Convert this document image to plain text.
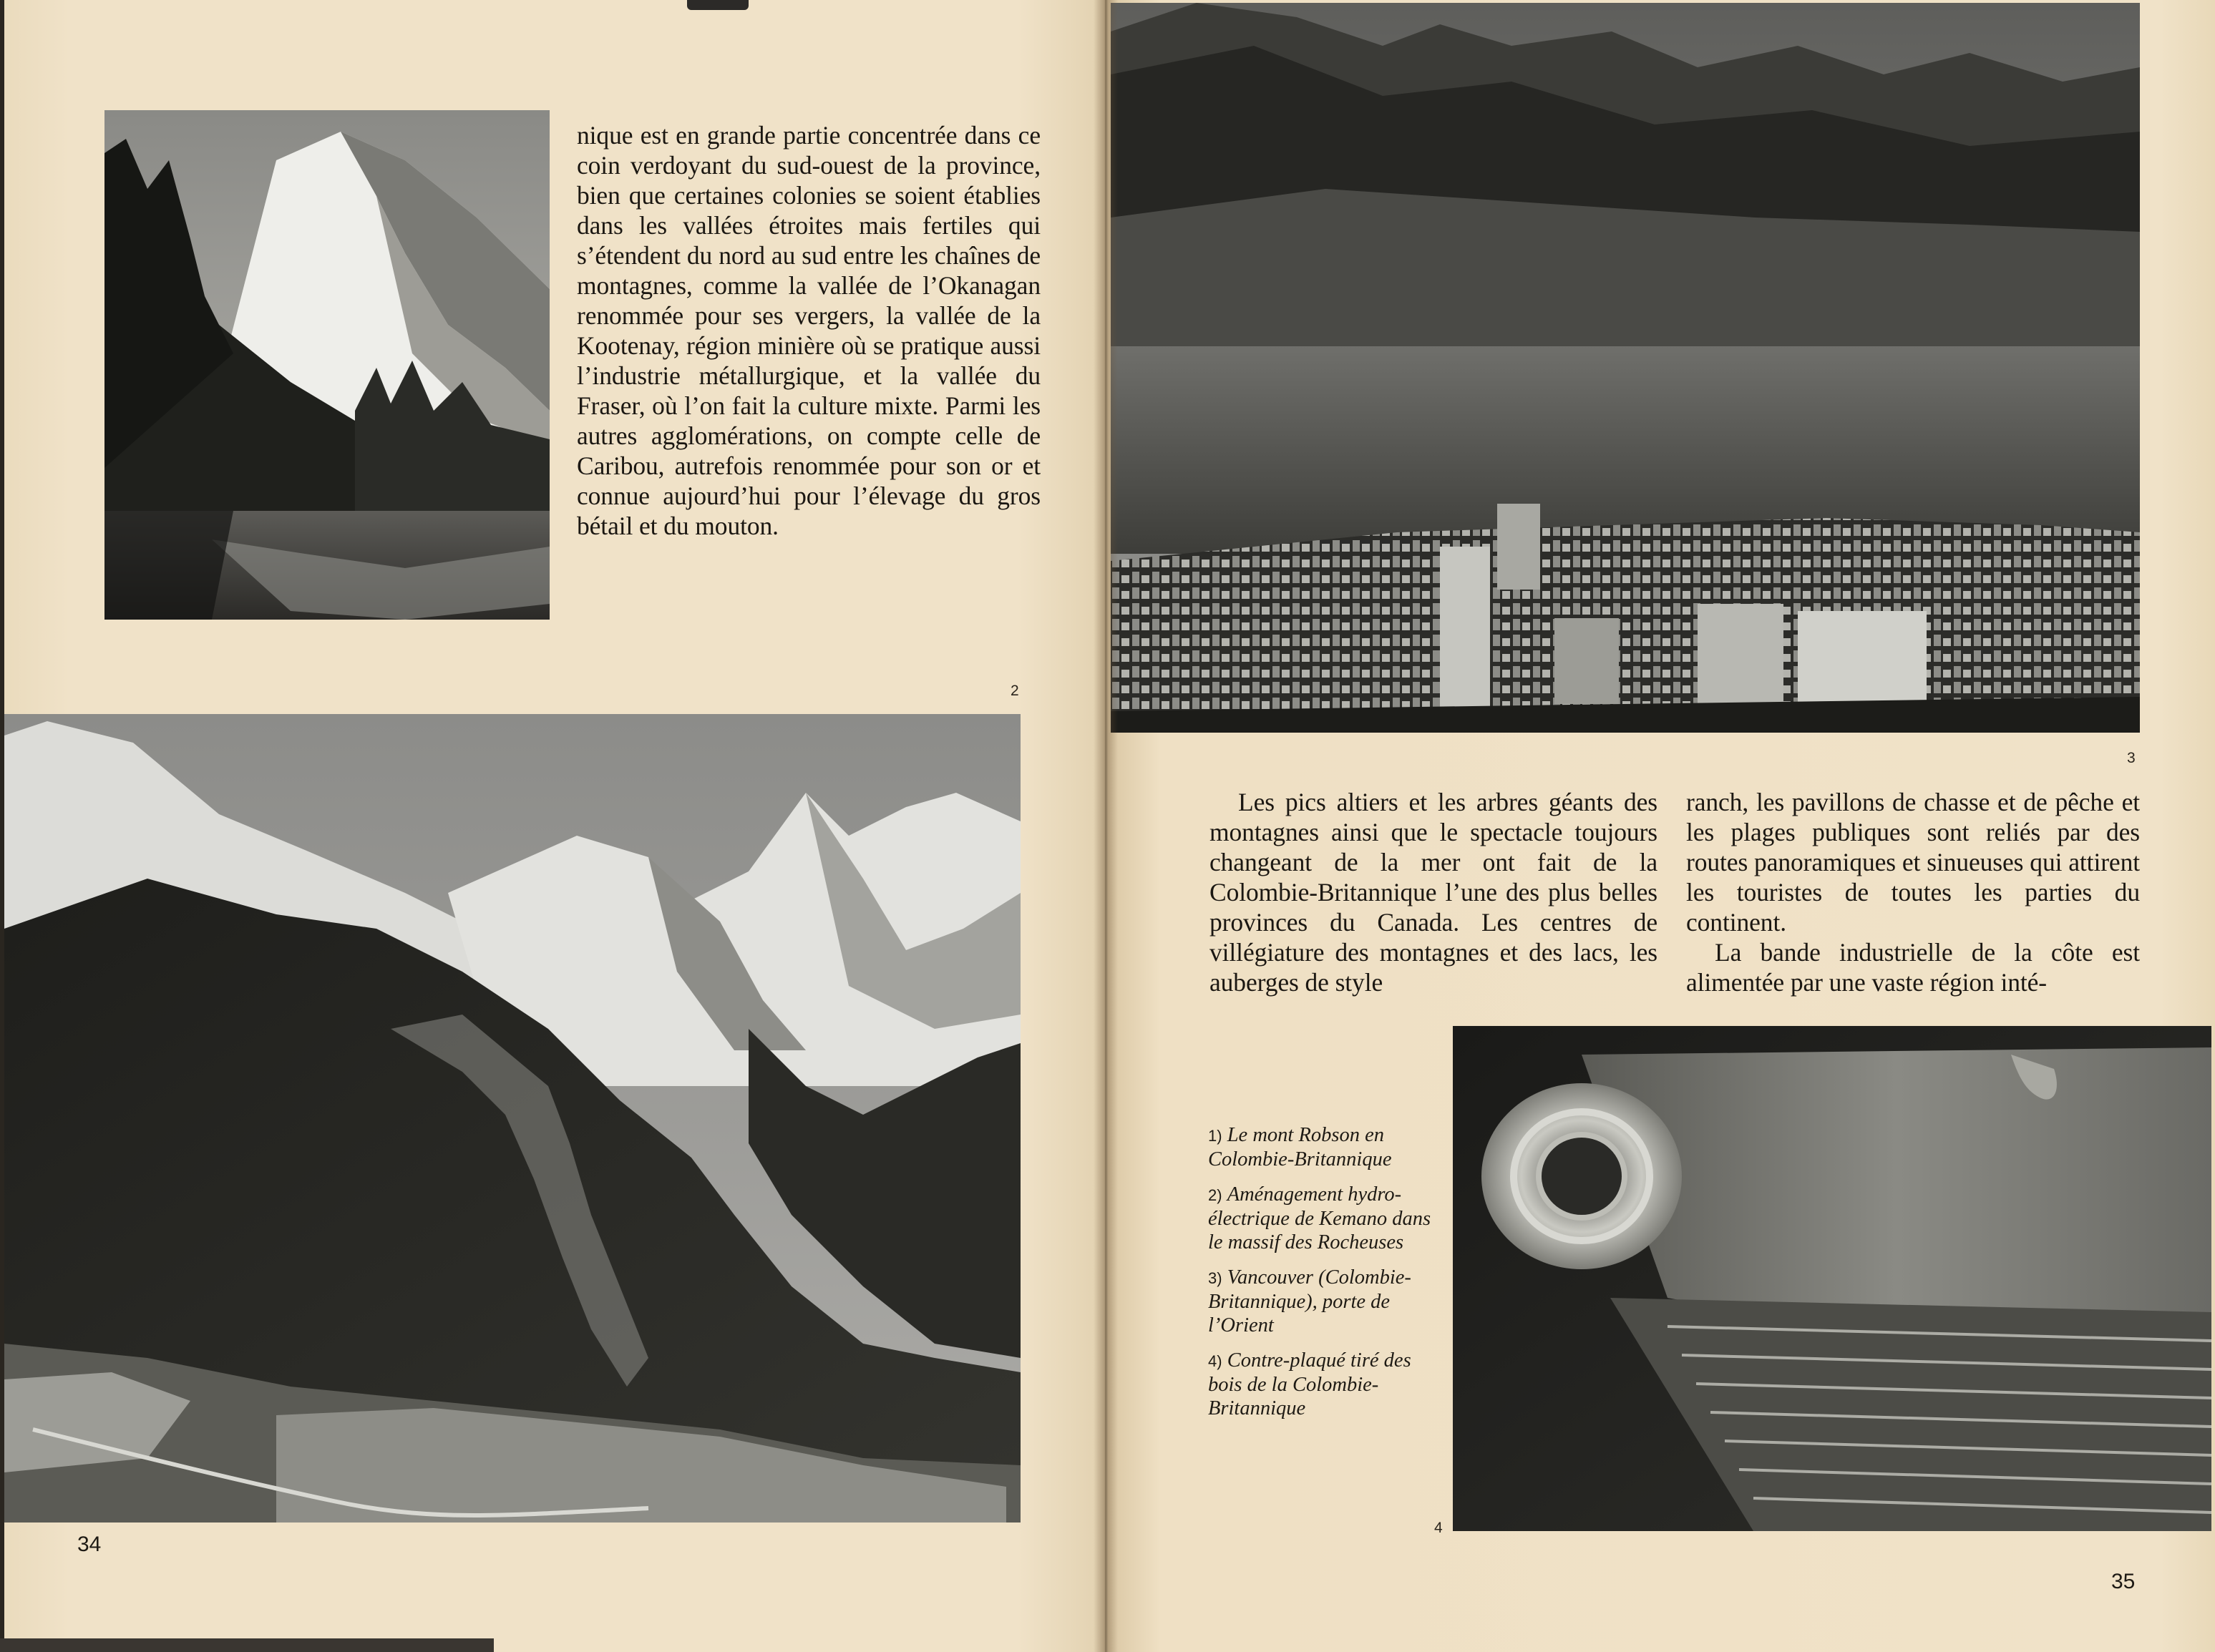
nique est en grande partie concentrée dans ce coin verdoyant du sud-ouest de la province, bien que certaines colonies se soient établies dans les vallées étroites mais fertiles qui s’étendent du nord au sud entre les chaînes de montagnes, comme la vallée de l’Okanagan renommée pour ses vergers, la vallée de la Kootenay, région minière où se pratique aussi l’industrie métallurgique, et la vallée du Fraser, où l’on fait la culture mixte. Parmi les autres agglomérations, on compte celle de Caribou, autrefois renommée pour son or et connue aujourd’hui pour l’élevage du gros bétail et du mouton.

2
34
3

Les pics altiers et les arbres géants des montagnes ainsi que le spectacle toujours changeant de la mer ont fait de la Colombie-Britannique l’une des plus belles provinces du Canada. Les centres de villégiature des montagnes et des lacs, les auberges de style

ranch, les pavillons de chasse et de pêche et les plages publiques sont reliés par des routes panoramiques et sinueuses qui attirent les touristes de toutes les parties du continent.

La bande industrielle de la côte est alimentée par une vaste région inté-

4
35
1) Le mont Robson en Colombie-Britannique
2) Aménagement hydro-électrique de Kemano dans le massif des Rocheuses
3) Vancouver (Colombie-Britannique), porte de l’Orient
4) Contre-plaqué tiré des bois de la Colombie-Britannique
